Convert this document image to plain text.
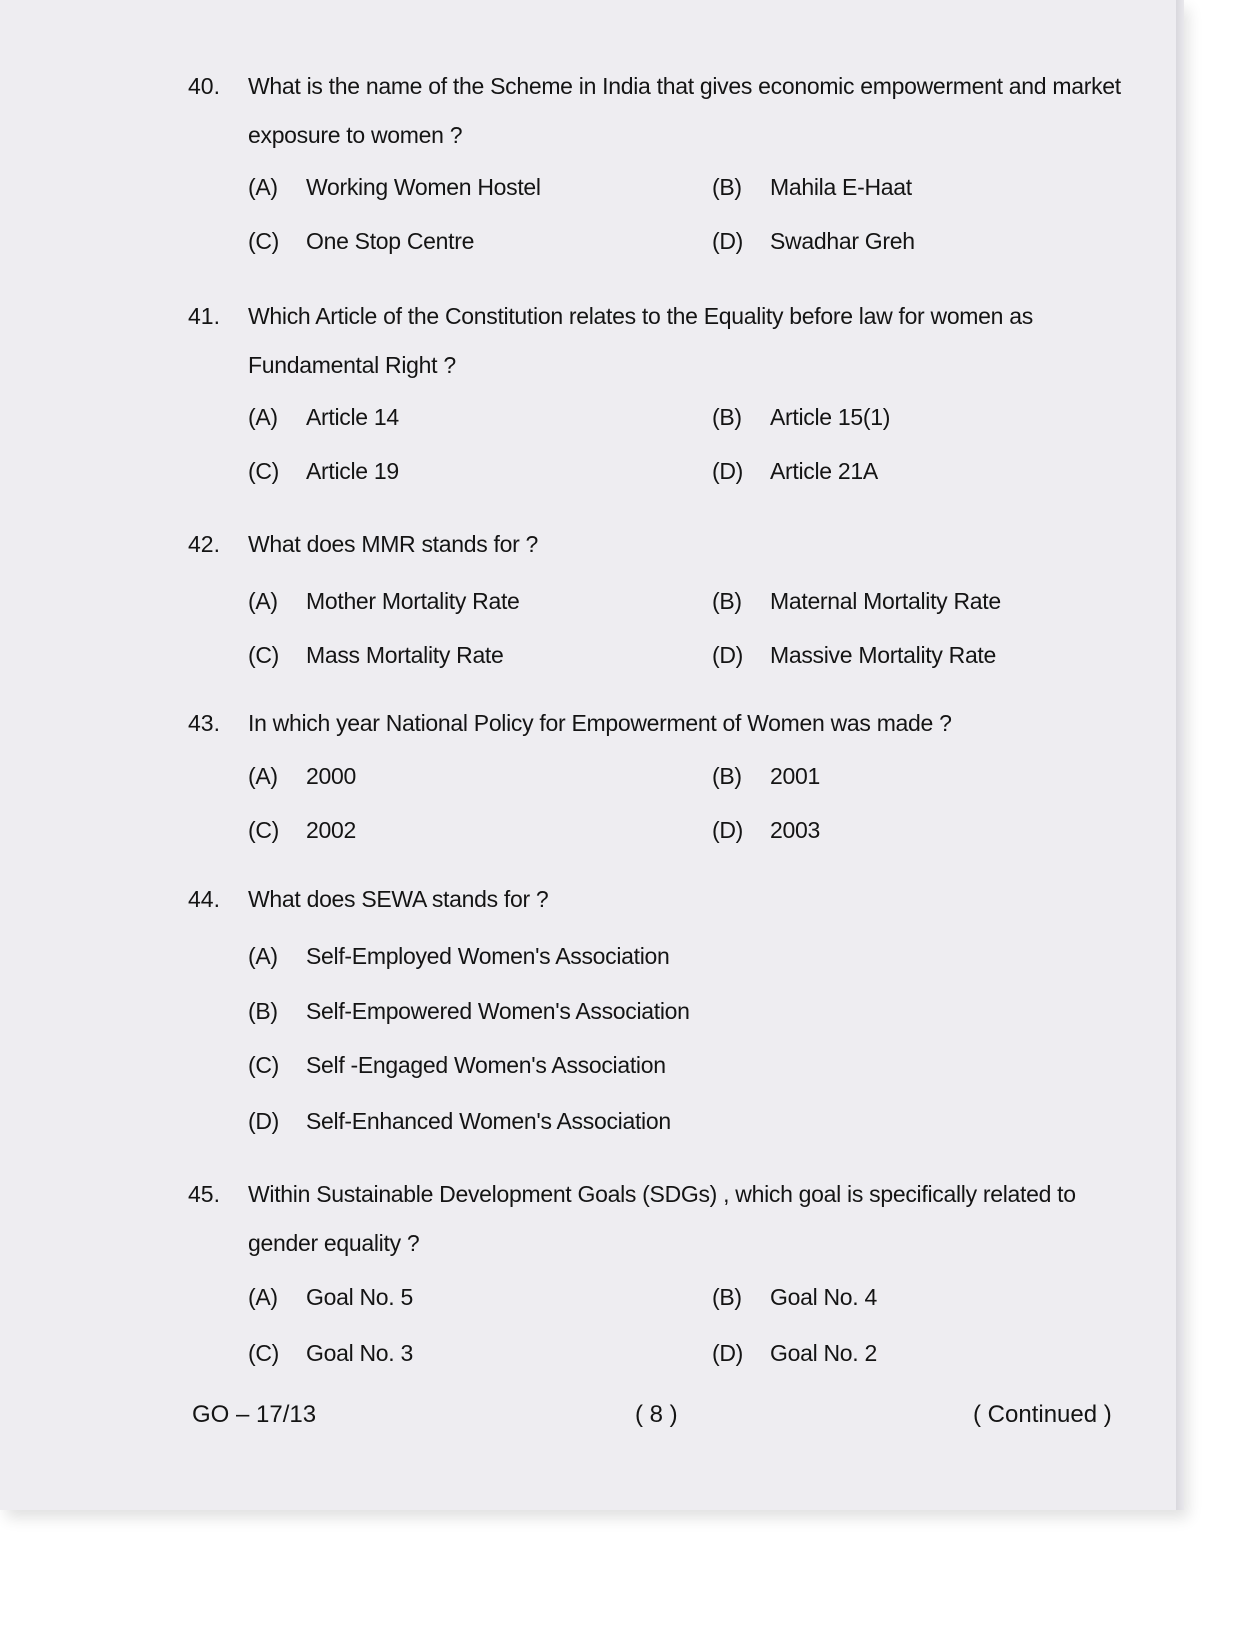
40.	What is the name of the Scheme in India that gives economic empowerment and market exposure to women ?
(A) Working Women Hostel	(B) Mahila E-Haat
(C) One Stop Centre	(D) Swadhar Greh
41.	Which Article of the Constitution relates to the Equality before law for women as Fundamental Right ?
(A) Article 14	(B) Article 15(1)
(C) Article 19	(D) Article 21A
42.	What does MMR stands for ?
(A) Mother Mortality Rate	(B) Maternal Mortality Rate
(C) Mass Mortality Rate	(D) Massive Mortality Rate
43.	In which year National Policy for Empowerment of Women was made ?
(A) 2000	(B) 2001
(C) 2002	(D) 2003
44.	What does SEWA stands for ?
(A) Self-Employed Women's Association
(B) Self-Empowered Women's Association
(C) Self -Engaged Women's Association
(D) Self-Enhanced Women's Association
45.	Within Sustainable Development Goals (SDGs) , which goal is specifically related to gender equality ?
(A) Goal No. 5	(B) Goal No. 4
(C) Goal No. 3	(D) Goal No. 2
GO – 17/13	( 8 )	( Continued )
